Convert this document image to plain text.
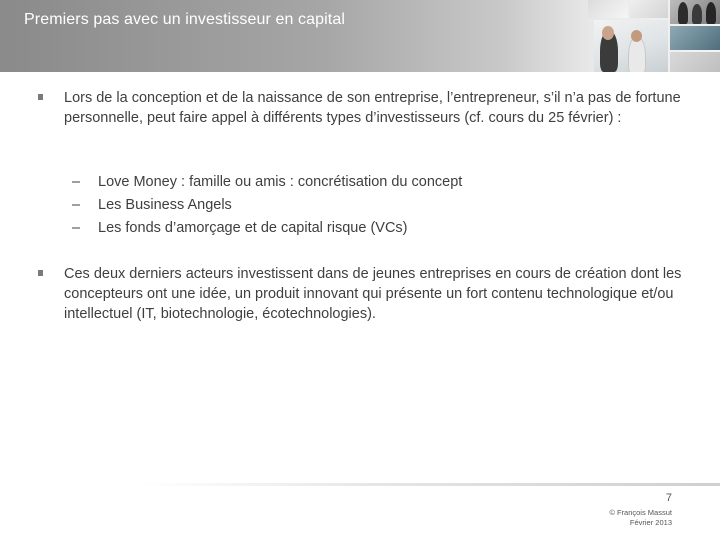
Premiers pas avec un investisseur en capital
Lors de la conception et de la naissance de son entreprise, l’entrepreneur, s’il n’a pas de fortune personnelle, peut faire appel à différents types d’investisseurs (cf. cours du 25 février) :
– Love Money : famille ou amis : concrétisation du concept
– Les Business Angels
– Les fonds d’amorçage et de capital risque (VCs)
Ces deux derniers acteurs investissent dans de jeunes entreprises en cours de création dont les concepteurs ont une idée, un produit innovant qui présente un fort contenu technologique et/ou intellectuel (IT, biotechnologie, écotechnologies).
7
© François Massut
Février 2013
